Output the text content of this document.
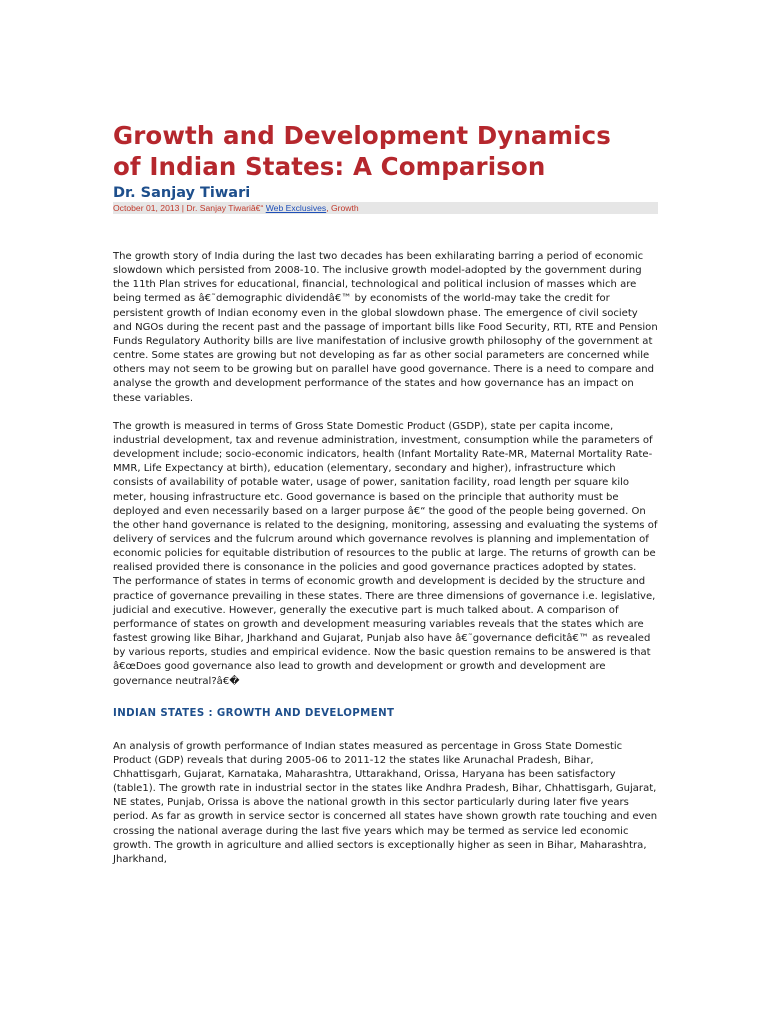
Growth and Development Dynamics
of Indian States: A Comparison
Dr. Sanjay Tiwari
October 01, 2013 | Dr. Sanjay Tiwariâ€“ Web Exclusives, Growth

The growth story of India during the last two decades has been exhilarating barring a period of economic slowdown which persisted from 2008-10. The inclusive growth model-adopted by the government during the 11th Plan strives for educational, financial, technological and political inclusion of masses which are being termed as â€˜demographic dividendâ€™ by economists of the world-may take the credit for persistent growth of Indian economy even in the global slowdown phase. The emergence of civil society and NGOs during the recent past and the passage of important bills like Food Security, RTI, RTE and Pension Funds Regulatory Authority bills are live manifestation of inclusive growth philosophy of the government at centre. Some states are growing but not developing as far as other social parameters are concerned while others may not seem to be growing but on parallel have good governance. There is a need to compare and analyse the growth and development performance of the states and how governance has an impact on these variables.

The growth is measured in terms of Gross State Domestic Product (GSDP), state per capita income, industrial development, tax and revenue administration, investment, consumption while the parameters of development include; socio-economic indicators, health (Infant Mortality Rate-MR, Maternal Mortality Rate-MMR, Life Expectancy at birth), education (elementary, secondary and higher), infrastructure which consists of availability of potable water, usage of power, sanitation facility, road length per square kilo meter, housing infrastructure etc. Good governance is based on the principle that authority must be deployed and even necessarily based on a larger purpose â€“ the good of the people being governed. On the other hand governance is related to the designing, monitoring, assessing and evaluating the systems of delivery of services and the fulcrum around which governance revolves is planning and implementation of economic policies for equitable distribution of resources to the public at large. The returns of growth can be realised provided there is consonance in the policies and good governance practices adopted by states. The performance of states in terms of economic growth and development is decided by the structure and practice of governance prevailing in these states. There are three dimensions of governance i.e. legislative, judicial and executive. However, generally the executive part is much talked about. A comparison of performance of states on growth and development measuring variables reveals that the states which are fastest growing like Bihar, Jharkhand and Gujarat, Punjab also have â€˜governance deficitâ€™ as revealed by various reports, studies and empirical evidence. Now the basic question remains to be answered is that â€œDoes good governance also lead to growth and development or growth and development are governance neutral?â€�

INDIAN STATES : GROWTH AND DEVELOPMENT

An analysis of growth performance of Indian states measured as percentage in Gross State Domestic Product (GDP) reveals that during 2005-06 to 2011-12 the states like Arunachal Pradesh, Bihar, Chhattisgarh, Gujarat, Karnataka, Maharashtra, Uttarakhand, Orissa, Haryana has been satisfactory (table1). The growth rate in industrial sector in the states like Andhra Pradesh, Bihar, Chhattisgarh, Gujarat, NE states, Punjab, Orissa is above the national growth in this sector particularly during later five years period. As far as growth in service sector is concerned all states have shown growth rate touching and even crossing the national average during the last five years which may be termed as service led economic growth. The growth in agriculture and allied sectors is exceptionally higher as seen in Bihar, Maharashtra, Jharkhand,
